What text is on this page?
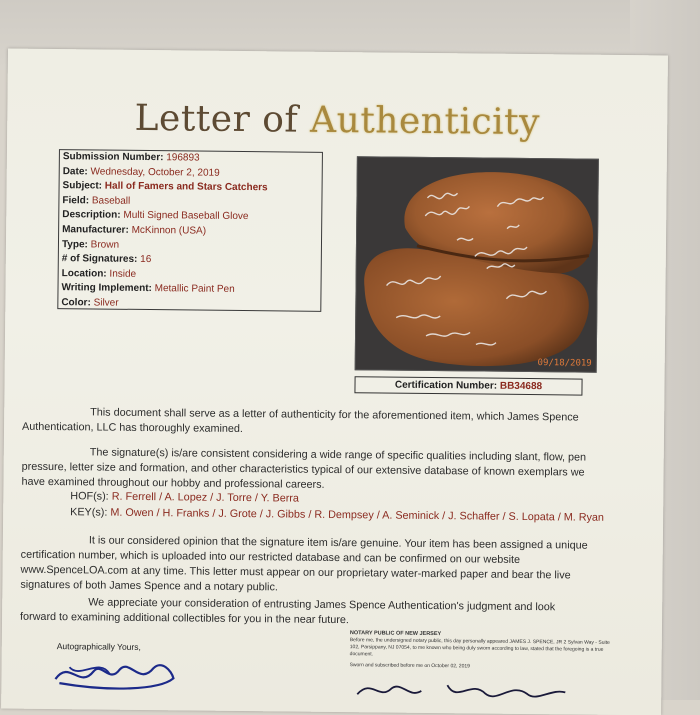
Letter of Authenticity
Submission Number: 196893
Date: Wednesday, October 2, 2019
Subject: Hall of Famers and Stars Catchers
Field: Baseball
Description: Multi Signed Baseball Glove
Manufacturer: McKinnon (USA)
Type: Brown
# of Signatures: 16
Location: Inside
Writing Implement: Metallic Paint Pen
Color: Silver
09/18/2019
Certification Number: BB34688
This document shall serve as a letter of authenticity for the aforementioned item, which James Spence
Authentication, LLC has thoroughly examined.
The signature(s) is/are consistent considering a wide range of specific qualities including slant, flow, pen
pressure, letter size and formation, and other characteristics typical of our extensive database of known exemplars we
have examined throughout our hobby and professional careers.
HOF(s): R. Ferrell / A. Lopez / J. Torre / Y. Berra
KEY(s): M. Owen / H. Franks / J. Grote / J. Gibbs / R. Dempsey / A. Seminick / J. Schaffer / S. Lopata / M. Ryan
It is our considered opinion that the signature item is/are genuine. Your item has been assigned a unique
certification number, which is uploaded into our restricted database and can be confirmed on our website
www.SpenceLOA.com at any time. This letter must appear on our proprietary water-marked paper and bear the live
signatures of both James Spence and a notary public.
We appreciate your consideration of entrusting James Spence Authentication's judgment and look
forward to examining additional collectibles for you in the near future.
Autographically Yours,
NOTARY PUBLIC OF NEW JERSEY
Before me, the undersigned notary public, this day personally appeared JAMES J. SPENCE, JR 2 Sylvan Way - Suite 102, Parsippany, NJ 07054, to me known who being duly sworn according to law, stated that the foregoing is a true document.
Sworn and subscribed before me on October 02, 2019
